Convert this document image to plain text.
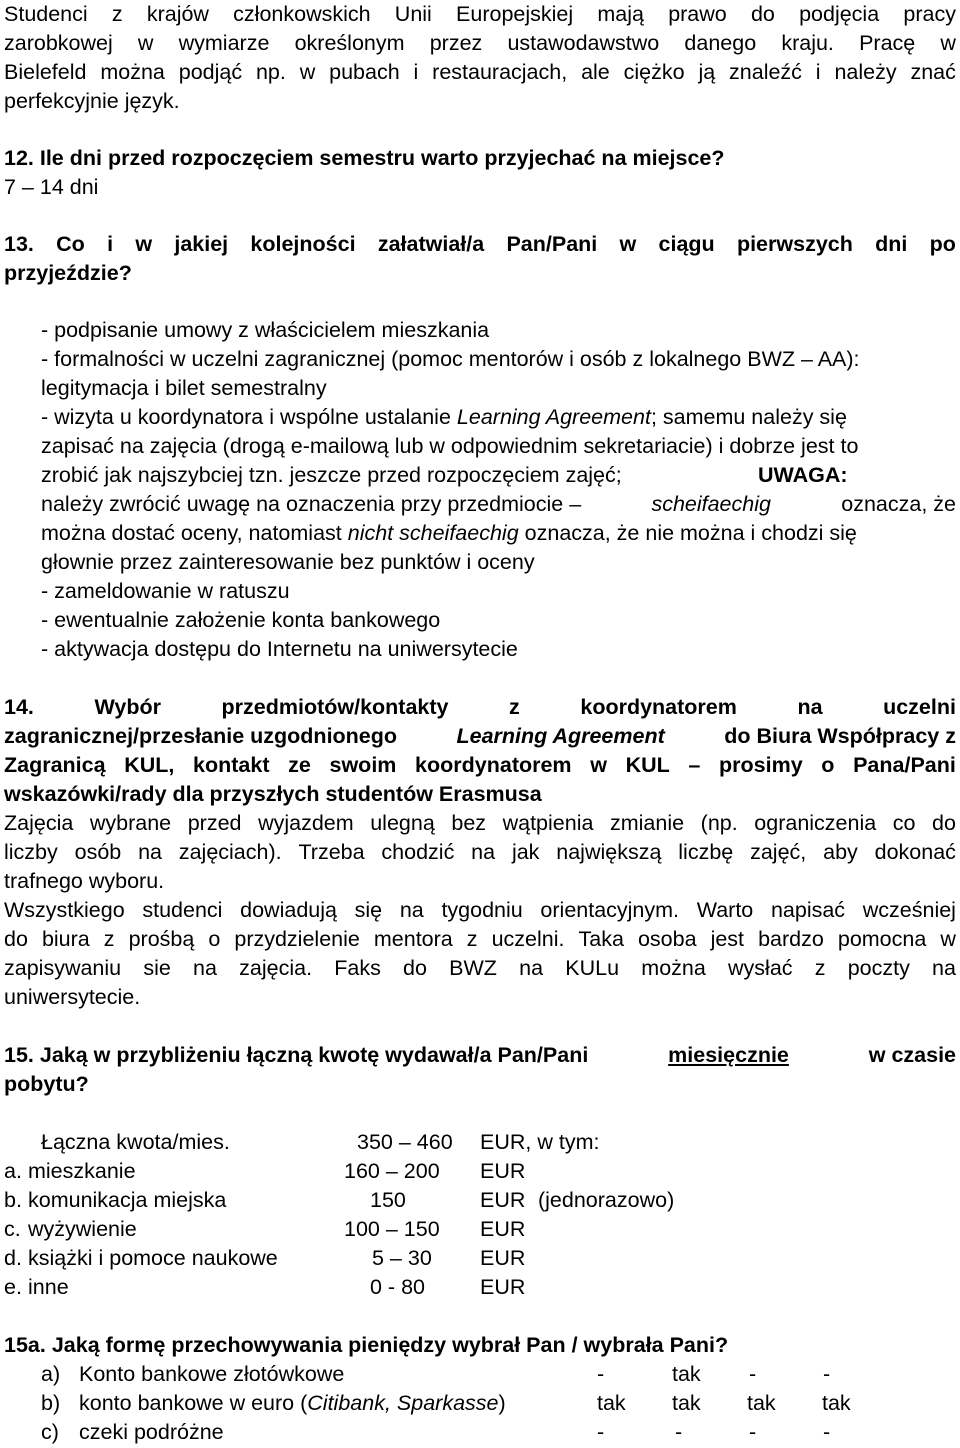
Studenci z krajów członkowskich Unii Europejskiej mają prawo do podjęcia pracy
zarobkowej w wymiarze określonym przez ustawodawstwo danego kraju. Pracę w
Bielefeld można podjąć np. w pubach i restauracjach, ale ciężko ją znaleźć i należy znać
perfekcyjnie język.
12. Ile dni przed rozpoczęciem semestru warto przyjechać na miejsce?
7 – 14 dni
13. Co i w jakiej kolejności załatwiał/a Pan/Pani w ciągu pierwszych dni po
przyjeździe?
- podpisanie umowy z właścicielem mieszkania
- formalności w uczelni zagranicznej (pomoc mentorów i osób z lokalnego BWZ – AA):
legitymacja i bilet semestralny
- wizyta u koordynatora i wspólne ustalanie Learning Agreement; samemu należy się
zapisać na zajęcia (drogą e-mailową lub w odpowiednim sekretariacie) i dobrze jest to
zrobić jak najszybciej tzn. jeszcze przed rozpoczęciem zajęć;	UWAGA:
należy zwrócić uwagę na oznaczenia przy przedmiocie –	scheifaechig	oznacza, że
można dostać oceny, natomiast nicht scheifaechig oznacza, że nie można i chodzi się
głownie przez zainteresowanie bez punktów i oceny
- zameldowanie w ratuszu
- ewentualnie założenie konta bankowego
- aktywacja dostępu do Internetu na uniwersytecie
14.	Wybór	przedmiotów/kontakty	z	koordynatorem	na	uczelni
zagranicznej/przesłanie uzgodnionego	Learning Agreement	do Biura Współpracy z
Zagranicą KUL, kontakt ze swoim koordynatorem w KUL – prosimy o Pana/Pani
wskazówki/rady dla przyszłych studentów Erasmusa
Zajęcia wybrane przed wyjazdem ulegną bez wątpienia zmianie (np. ograniczenia co do
liczby osób na zajęciach). Trzeba chodzić na jak największą liczbę zajęć, aby dokonać
trafnego wyboru.
Wszystkiego studenci dowiadują się na tygodniu orientacyjnym. Warto napisać wcześniej
do biura z prośbą o przydzielenie mentora z uczelni. Taka osoba jest bardzo pomocna w
zapisywaniu sie na zajęcia. Faks do BWZ na KULu można wysłać z poczty na
uniwersytecie.
15. Jaką w przybliżeniu łączną kwotę wydawał/a Pan/Pani	miesięcznie	w czasie
pobytu?
Łączna kwota/mies.	350 – 460 EUR, w tym:
a. mieszkanie	160 – 200 EUR
b. komunikacja miejska	150	EUR (jednorazowo)
c. wyżywienie	100 – 150 EUR
d. książki i pomoce naukowe	5 – 30 EUR
e. inne	0 - 80	EUR
15a. Jaką formę przechowywania pieniędzy wybrał Pan / wybrała Pani?
a) Konto bankowe złotówkowe	-	tak -	-
b) konto bankowe w euro (Citibank, Sparkasse)	tak tak tak tak
c) czeki podróżne	-	-	-	-
